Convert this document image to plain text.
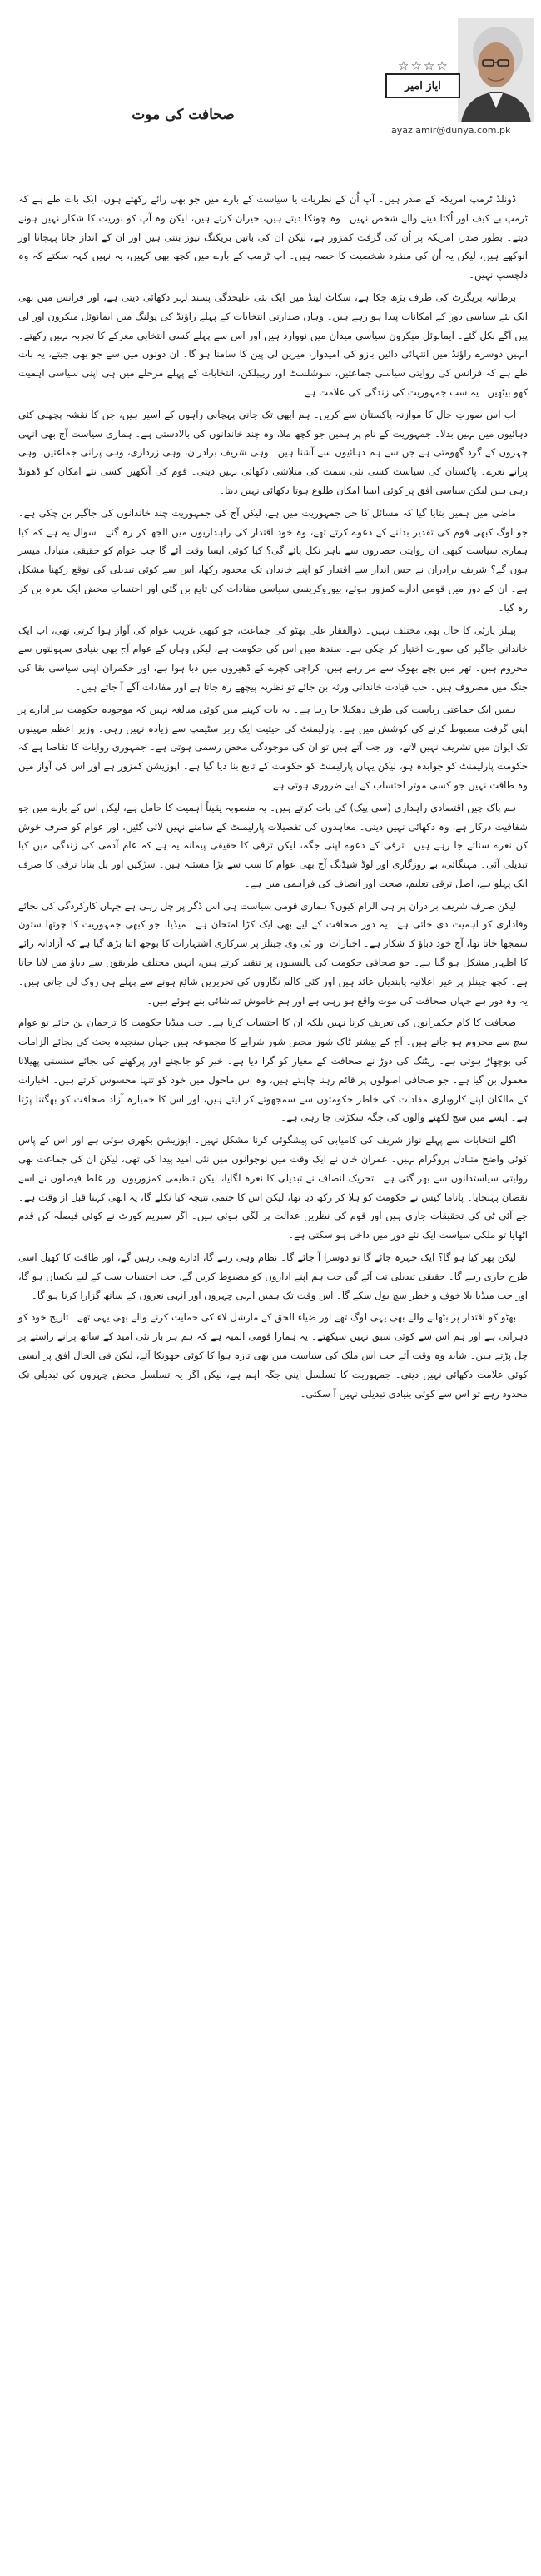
☆☆☆☆
ایاز امیر
ayaz.amir@dunya.com.pk
صحافت کی موت

ڈونلڈ ٹرمپ امریکہ کے صدر ہیں۔ آپ اُن کے نظریات یا سیاست کے بارے میں جو بھی رائے رکھتے ہوں، ایک بات طے ہے کہ ٹرمپ بے کیف اور اُکتا دینے والے شخص نہیں۔ وہ چونکا دیتے ہیں، حیران کرتے ہیں، لیکن وہ آپ کو بوریت کا شکار نہیں ہونے دیتے۔ بطور صدر، امریکہ پر اُن کی گرفت کمزور ہے، لیکن ان کی باتیں بریکنگ نیوز بنتی ہیں اور ان کے انداز جانا پہچانا اور انوکھے ہیں، لیکن یہ اُن کی منفرد شخصیت کا حصہ ہیں۔ آپ ٹرمپ کے بارے میں کچھ بھی کہیں، یہ نہیں کہہ سکتے کہ وہ دلچسپ نہیں۔

برطانیہ بریگزٹ کی طرف بڑھ چکا ہے، سکاٹ لینڈ میں ایک نئی علیحدگی پسند لہر دکھائی دیتی ہے، اور فرانس میں بھی ایک نئے سیاسی دور کے امکانات پیدا ہو رہے ہیں۔ وہاں صدارتی انتخابات کے پہلے راؤنڈ کی پولنگ میں ایمانوئل میکرون اور لی پین آگے نکل گئے۔ ایمانوئل میکرون سیاسی میدان میں نووارد ہیں اور اس سے پہلے کسی انتخابی معرکے کا تجربہ نہیں رکھتے۔ انہیں دوسرے راؤنڈ میں انتہائی دائیں بازو کی امیدوار، میرین لی پین کا سامنا ہو گا۔ ان دونوں میں سے جو بھی جیتے، یہ بات طے ہے کہ فرانس کی روایتی سیاسی جماعتیں، سوشلسٹ اور ریپبلکن، انتخابات کے پہلے مرحلے میں ہی اپنی سیاسی اہمیت کھو بیٹھیں۔ یہ سب جمہوریت کی زندگی کی علامت ہے۔

اب اس صورتِ حال کا موازنہ پاکستان سے کریں۔ ہم ابھی تک جانی پہچانی راہوں کے اسیر ہیں، جن کا نقشہ پچھلی کئی دہائیوں میں نہیں بدلا۔ جمہوریت کے نام پر ہمیں جو کچھ ملا، وہ چند خاندانوں کی بالادستی ہے۔ ہماری سیاست آج بھی انہی چہروں کے گرد گھومتی ہے جن سے ہم دہائیوں سے آشنا ہیں۔ وہی شریف برادران، وہی زرداری، وہی پرانی جماعتیں، وہی پرانے نعرے۔ پاکستان کی سیاست کسی نئی سمت کی متلاشی دکھائی نہیں دیتی۔ قوم کی آنکھیں کسی نئے امکان کو ڈھونڈ رہی ہیں لیکن سیاسی افق پر کوئی ایسا امکان طلوع ہوتا دکھائی نہیں دیتا۔

ماضی میں ہمیں بتایا گیا کہ مسائل کا حل جمہوریت میں ہے، لیکن آج کی جمہوریت چند خاندانوں کی جاگیر بن چکی ہے۔ جو لوگ کبھی قوم کی تقدیر بدلنے کے دعوے کرتے تھے، وہ خود اقتدار کی راہداریوں میں الجھ کر رہ گئے۔ سوال یہ ہے کہ کیا ہماری سیاست کبھی ان روایتی حصاروں سے باہر نکل پائے گی؟ کیا کوئی ایسا وقت آئے گا جب عوام کو حقیقی متبادل میسر ہوں گے؟ شریف برادران نے جس انداز سے اقتدار کو اپنے خاندان تک محدود رکھا، اس سے کوئی تبدیلی کی توقع رکھنا مشکل ہے۔ ان کے دور میں قومی ادارے کمزور ہوئے، بیوروکریسی سیاسی مفادات کی تابع بن گئی اور احتساب محض ایک نعرہ بن کر رہ گیا۔

پیپلز پارٹی کا حال بھی مختلف نہیں۔ ذوالفقار علی بھٹو کی جماعت، جو کبھی غریب عوام کی آواز ہوا کرتی تھی، اب ایک خاندانی جاگیر کی صورت اختیار کر چکی ہے۔ سندھ میں اس کی حکومت ہے، لیکن وہاں کے عوام آج بھی بنیادی سہولتوں سے محروم ہیں۔ تھر میں بچے بھوک سے مر رہے ہیں، کراچی کچرے کے ڈھیروں میں دبا ہوا ہے، اور حکمران اپنی سیاسی بقا کی جنگ میں مصروف ہیں۔ جب قیادت خاندانی ورثہ بن جائے تو نظریہ پیچھے رہ جاتا ہے اور مفادات آگے آ جاتے ہیں۔

ہمیں ایک جماعتی ریاست کی طرف دھکیلا جا رہا ہے۔ یہ بات کہنے میں کوئی مبالغہ نہیں کہ موجودہ حکومت ہر ادارے پر اپنی گرفت مضبوط کرنے کی کوشش میں ہے۔ پارلیمنٹ کی حیثیت ایک ربر سٹیمپ سے زیادہ نہیں رہی۔ وزیر اعظم مہینوں تک ایوان میں تشریف نہیں لاتے، اور جب آتے ہیں تو ان کی موجودگی محض رسمی ہوتی ہے۔ جمہوری روایات کا تقاضا ہے کہ حکومت پارلیمنٹ کو جوابدہ ہو، لیکن یہاں پارلیمنٹ کو حکومت کے تابع بنا دیا گیا ہے۔ اپوزیشن کمزور ہے اور اس کی آواز میں وہ طاقت نہیں جو کسی موثر احتساب کے لیے ضروری ہوتی ہے۔

ہم پاک چین اقتصادی راہداری (سی پیک) کی بات کرتے ہیں۔ یہ منصوبہ یقیناً اہمیت کا حامل ہے، لیکن اس کے بارے میں جو شفافیت درکار ہے، وہ دکھائی نہیں دیتی۔ معاہدوں کی تفصیلات پارلیمنٹ کے سامنے نہیں لائی گئیں، اور عوام کو صرف خوش کن نعرے سنائے جا رہے ہیں۔ ترقی کے دعوے اپنی جگہ، لیکن ترقی کا حقیقی پیمانہ یہ ہے کہ عام آدمی کی زندگی میں کیا تبدیلی آئی۔ مہنگائی، بے روزگاری اور لوڈ شیڈنگ آج بھی عوام کا سب سے بڑا مسئلہ ہیں۔ سڑکیں اور پل بنانا ترقی کا صرف ایک پہلو ہے، اصل ترقی تعلیم، صحت اور انصاف کی فراہمی میں ہے۔

لیکن صرف شریف برادران پر ہی الزام کیوں؟ ہماری قومی سیاست ہی اس ڈگر پر چل رہی ہے جہاں کارکردگی کی بجائے وفاداری کو اہمیت دی جاتی ہے۔ یہ دور صحافت کے لیے بھی ایک کڑا امتحان ہے۔ میڈیا، جو کبھی جمہوریت کا چوتھا ستون سمجھا جاتا تھا، آج خود دباؤ کا شکار ہے۔ اخبارات اور ٹی وی چینلز پر سرکاری اشتہارات کا بوجھ اتنا بڑھ گیا ہے کہ آزادانہ رائے کا اظہار مشکل ہو گیا ہے۔ جو صحافی حکومت کی پالیسیوں پر تنقید کرتے ہیں، انہیں مختلف طریقوں سے دباؤ میں لایا جاتا ہے۔ کچھ چینلز پر غیر اعلانیہ پابندیاں عائد ہیں اور کئی کالم نگاروں کی تحریریں شائع ہونے سے پہلے ہی روک لی جاتی ہیں۔ یہ وہ دور ہے جہاں صحافت کی موت واقع ہو رہی ہے اور ہم خاموش تماشائی بنے ہوئے ہیں۔

صحافت کا کام حکمرانوں کی تعریف کرنا نہیں بلکہ ان کا احتساب کرنا ہے۔ جب میڈیا حکومت کا ترجمان بن جائے تو عوام سچ سے محروم ہو جاتے ہیں۔ آج کے بیشتر ٹاک شوز محض شور شرابے کا مجموعہ ہیں جہاں سنجیدہ بحث کی بجائے الزامات کی بوچھاڑ ہوتی ہے۔ ریٹنگ کی دوڑ نے صحافت کے معیار کو گرا دیا ہے۔ خبر کو جانچنے اور پرکھنے کی بجائے سنسنی پھیلانا معمول بن گیا ہے۔ جو صحافی اصولوں پر قائم رہنا چاہتے ہیں، وہ اس ماحول میں خود کو تنہا محسوس کرتے ہیں۔ اخبارات کے مالکان اپنے کاروباری مفادات کی خاطر حکومتوں سے سمجھوتے کر لیتے ہیں، اور اس کا خمیازہ آزاد صحافت کو بھگتنا پڑتا ہے۔ ایسے میں سچ لکھنے والوں کی جگہ سکڑتی جا رہی ہے۔

اگلے انتخابات سے پہلے نواز شریف کی کامیابی کی پیشگوئی کرنا مشکل نہیں۔ اپوزیشن بکھری ہوئی ہے اور اس کے پاس کوئی واضح متبادل پروگرام نہیں۔ عمران خان نے ایک وقت میں نوجوانوں میں نئی امید پیدا کی تھی، لیکن ان کی جماعت بھی روایتی سیاستدانوں سے بھر گئی ہے۔ تحریک انصاف نے تبدیلی کا نعرہ لگایا، لیکن تنظیمی کمزوریوں اور غلط فیصلوں نے اسے نقصان پہنچایا۔ پاناما کیس نے حکومت کو ہلا کر رکھ دیا تھا، لیکن اس کا حتمی نتیجہ کیا نکلے گا، یہ ابھی کہنا قبل از وقت ہے۔ جے آئی ٹی کی تحقیقات جاری ہیں اور قوم کی نظریں عدالت پر لگی ہوئی ہیں۔ اگر سپریم کورٹ نے کوئی فیصلہ کن قدم اٹھایا تو ملکی سیاست ایک نئے دور میں داخل ہو سکتی ہے۔

لیکن پھر کیا ہو گا؟ ایک چہرہ جائے گا تو دوسرا آ جائے گا۔ نظام وہی رہے گا، ادارے وہی رہیں گے، اور طاقت کا کھیل اسی طرح جاری رہے گا۔ حقیقی تبدیلی تب آئے گی جب ہم اپنے اداروں کو مضبوط کریں گے، جب احتساب سب کے لیے یکساں ہو گا، اور جب میڈیا بلا خوف و خطر سچ بول سکے گا۔ اس وقت تک ہمیں انہی چہروں اور انہی نعروں کے ساتھ گزارا کرنا ہو گا۔

بھٹو کو اقتدار پر بٹھانے والے بھی یہی لوگ تھے اور ضیاء الحق کے مارشل لاء کی حمایت کرنے والے بھی یہی تھے۔ تاریخ خود کو دہراتی ہے اور ہم اس سے کوئی سبق نہیں سیکھتے۔ یہ ہمارا قومی المیہ ہے کہ ہم ہر بار نئی امید کے ساتھ پرانے راستے پر چل پڑتے ہیں۔ شاید وہ وقت آئے جب اس ملک کی سیاست میں بھی تازہ ہوا کا کوئی جھونکا آئے، لیکن فی الحال افق پر ایسی کوئی علامت دکھائی نہیں دیتی۔ جمہوریت کا تسلسل اپنی جگہ اہم ہے، لیکن اگر یہ تسلسل محض چہروں کی تبدیلی تک محدود رہے تو اس سے کوئی بنیادی تبدیلی نہیں آ سکتی۔
